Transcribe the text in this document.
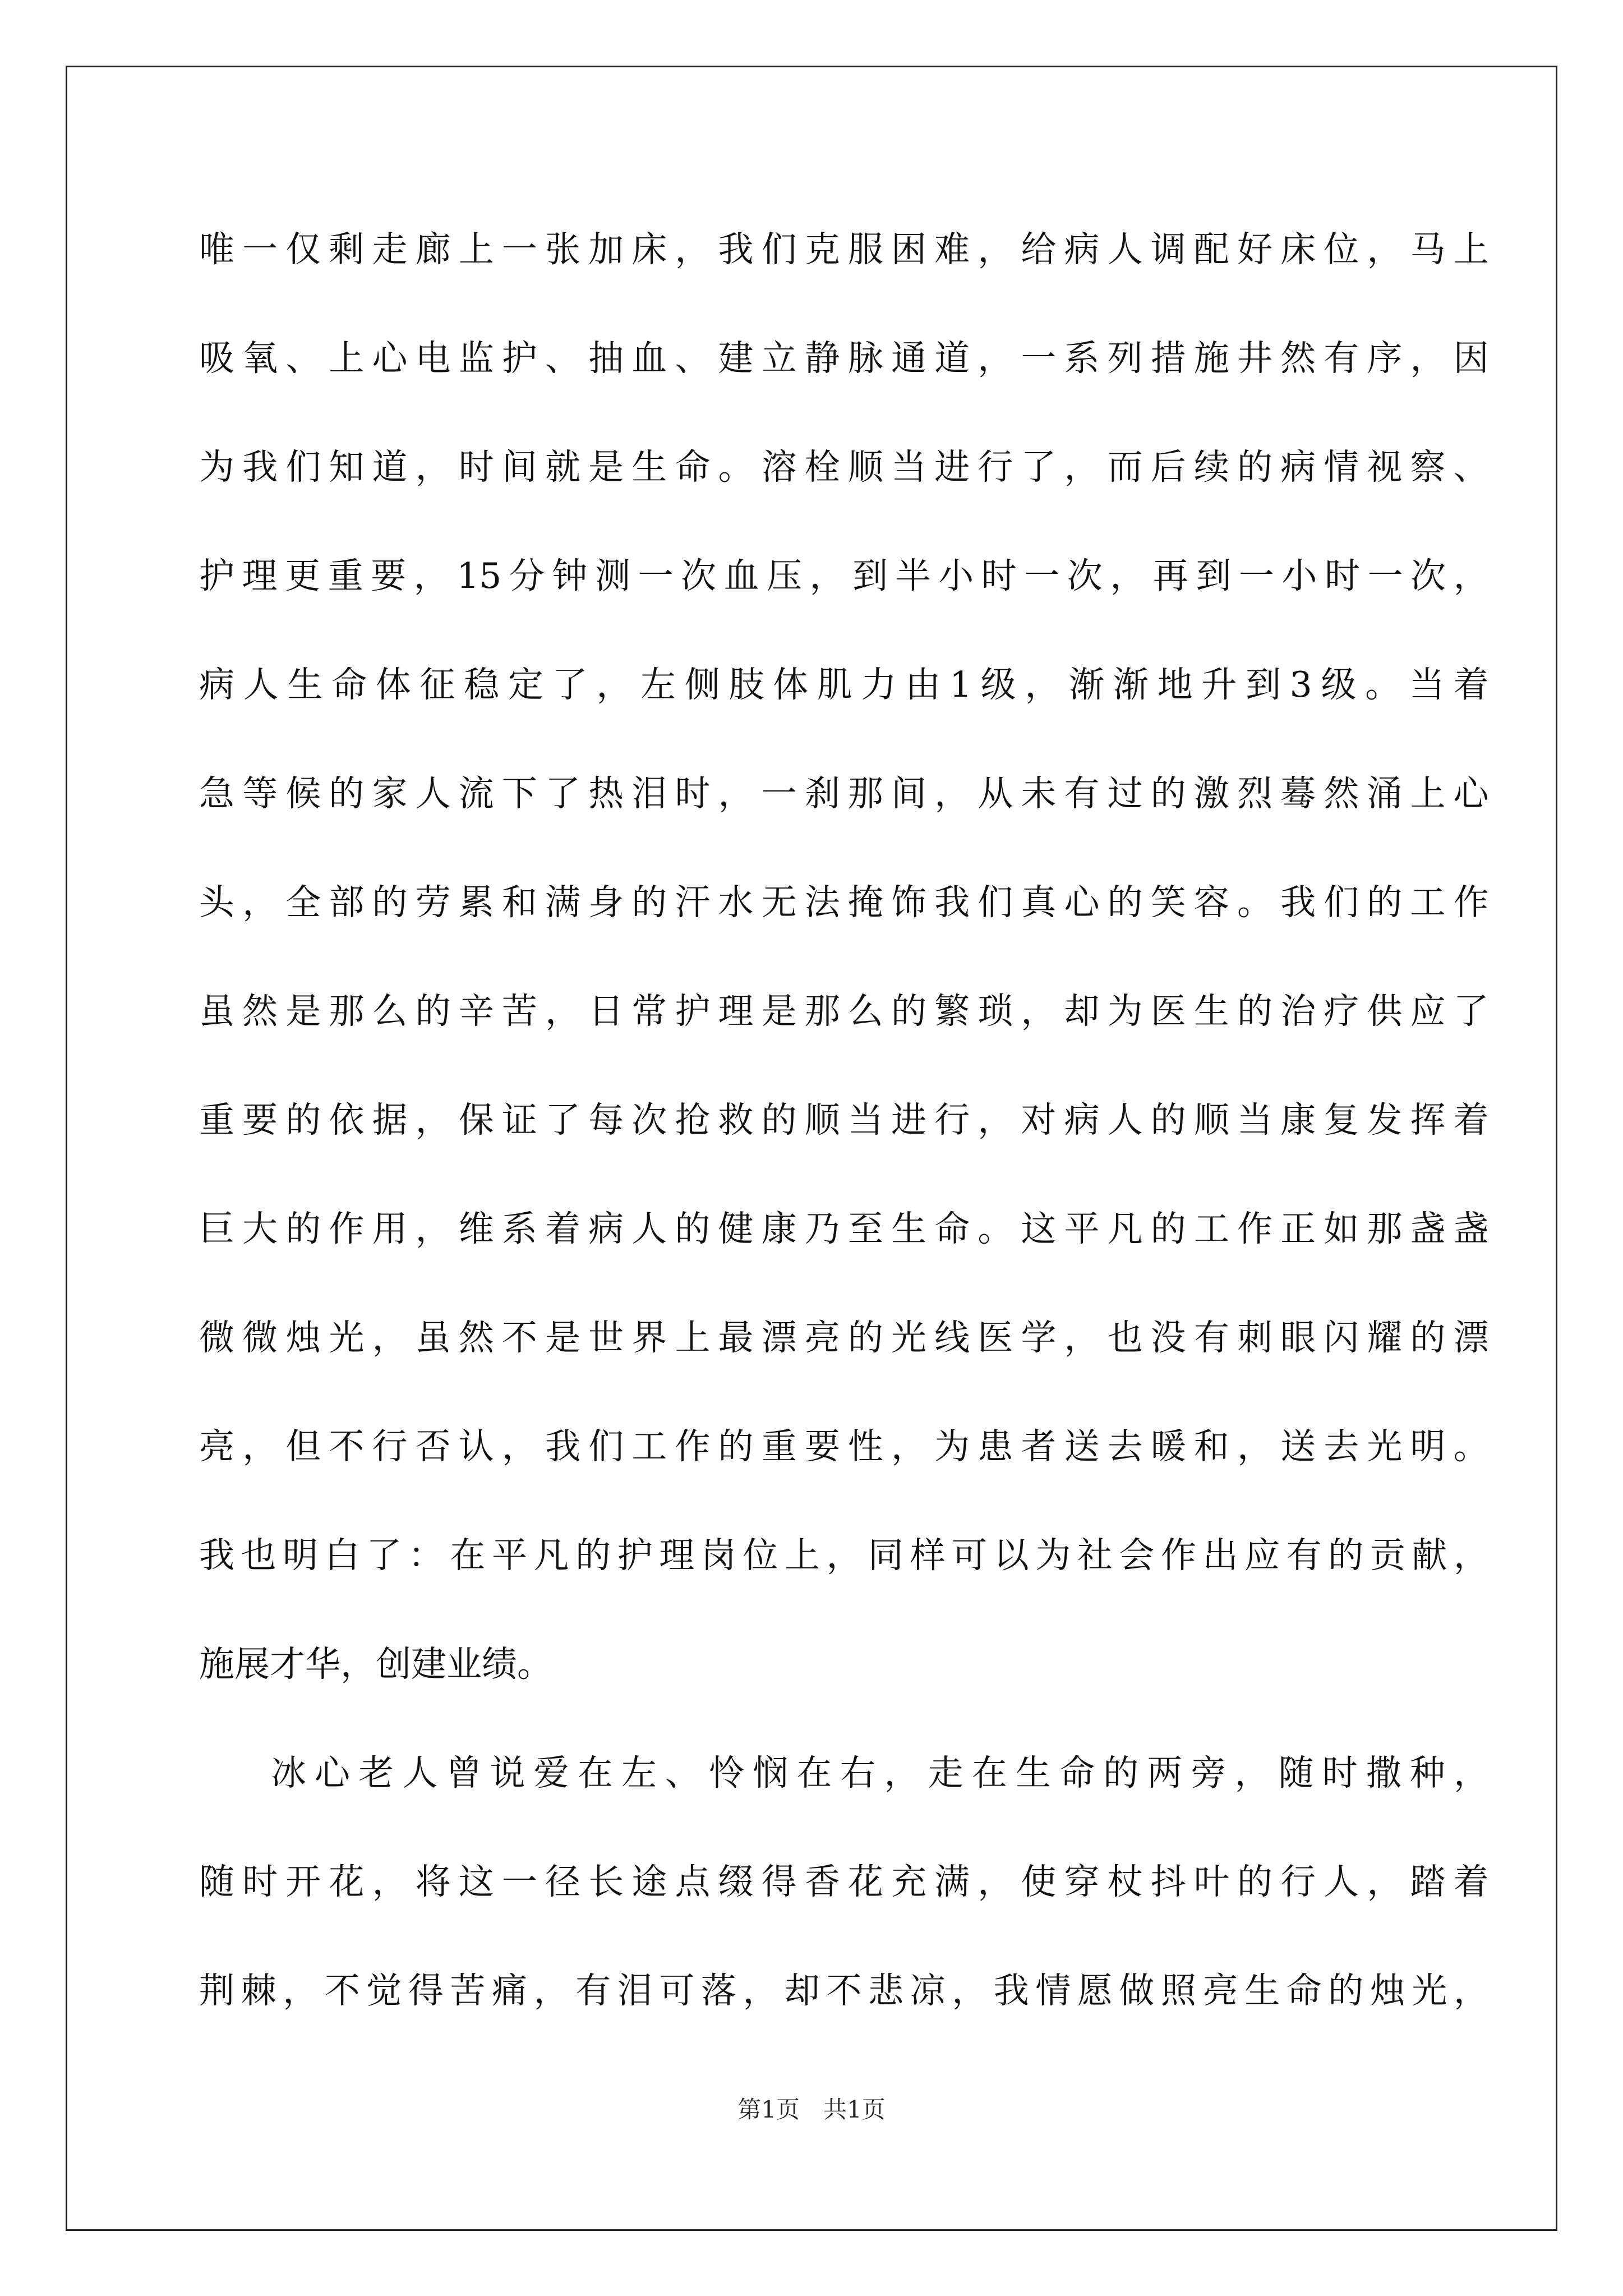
唯 一 仅 剩 走 廊 上 一 张 加 床 ， 我 们 克 服 困 难 ， 给 病 人 调 配 好 床 位 ， 马 上
吸 氧 、 上 心 电 监 护 、 抽 血 、 建 立 静 脉 通 道 ， 一 系 列 措 施 井 然 有 序 ， 因
为 我 们 知 道 ， 时 间 就 是 生 命 。 溶 栓 顺 当 进 行 了 ， 而 后 续 的 病 情 视 察 、
护 理 更 重 要 ， 15 分 钟 测 一 次 血 压 ， 到 半 小 时 一 次 ， 再 到 一 小 时 一 次 ，
病 人 生 命 体 征 稳 定 了 ， 左 侧 肢 体 肌 力 由 1 级 ， 渐 渐 地 升 到 3 级 。 当 着
急 等 候 的 家 人 流 下 了 热 泪 时 ， 一 刹 那 间 ， 从 未 有 过 的 激 烈 蓦 然 涌 上 心
头 ， 全 部 的 劳 累 和 满 身 的 汗 水 无 法 掩 饰 我 们 真 心 的 笑 容 。 我 们 的 工 作
虽 然 是 那 么 的 辛 苦 ， 日 常 护 理 是 那 么 的 繁 琐 ， 却 为 医 生 的 治 疗 供 应 了
重 要 的 依 据 ， 保 证 了 每 次 抢 救 的 顺 当 进 行 ， 对 病 人 的 顺 当 康 复 发 挥 着
巨 大 的 作 用 ， 维 系 着 病 人 的 健 康 乃 至 生 命 。 这 平 凡 的 工 作 正 如 那 盏 盏
微 微 烛 光 ， 虽 然 不 是 世 界 上 最 漂 亮 的 光 线 医 学 ， 也 没 有 刺 眼 闪 耀 的 漂
亮 ， 但 不 行 否 认 ， 我 们 工 作 的 重 要 性 ， 为 患 者 送 去 暖 和 ， 送 去 光 明 。
我 也 明 白 了 ： 在 平 凡 的 护 理 岗 位 上 ， 同 样 可 以 为 社 会 作 出 应 有 的 贡 献 ，
施展才华，创建业绩。
冰 心 老 人 曾 说 爱 在 左 、 怜 悯 在 右 ， 走 在 生 命 的 两 旁 ， 随 时 撒 种 ，
随 时 开 花 ， 将 这 一 径 长 途 点 缀 得 香 花 充 满 ， 使 穿 杖 抖 叶 的 行 人 ， 踏 着
荆 棘 ， 不 觉 得 苦 痛 ， 有 泪 可 落 ， 却 不 悲 凉 ， 我 情 愿 做 照 亮 生 命 的 烛 光 ，
第1页　共1页
